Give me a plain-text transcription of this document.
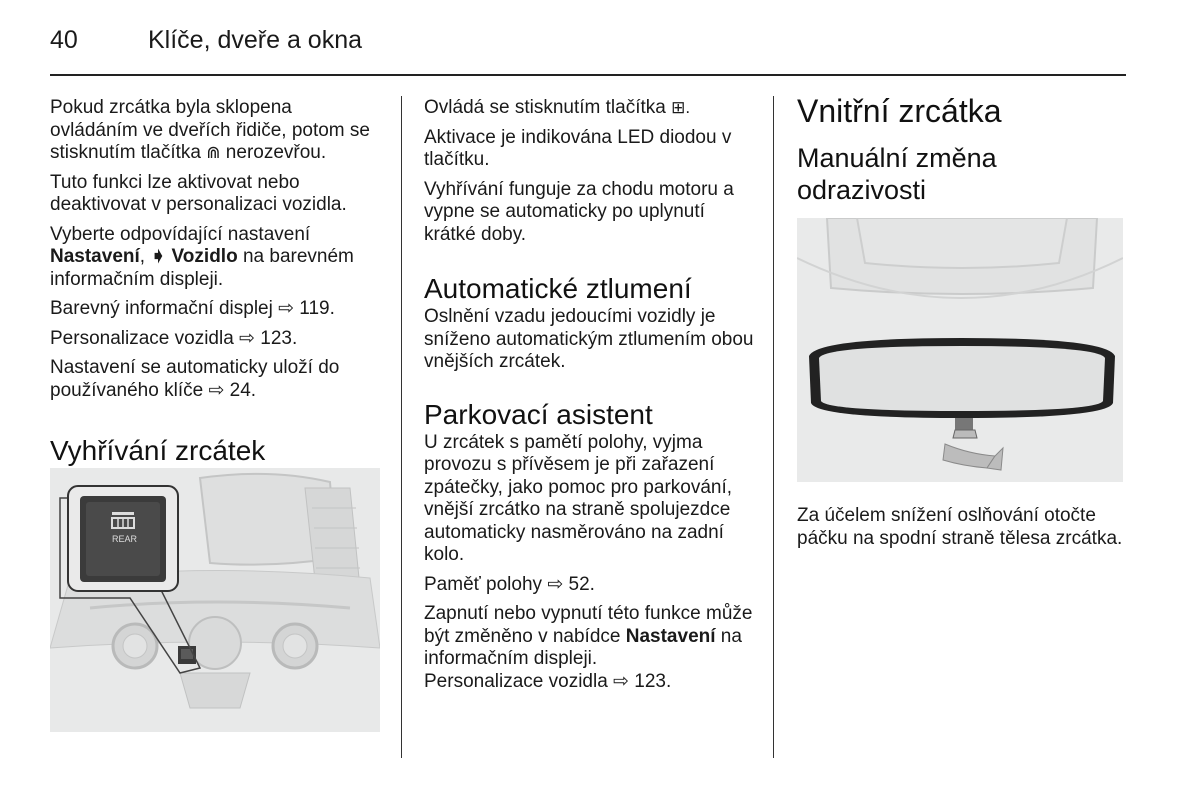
40	Klíče, dveře a okna

Pokud zrcátka byla sklopena ovládáním ve dveřích řidiče, potom se stisknutím tlačítka ⋒ nerozevřou.

Tuto funkci lze aktivovat nebo deaktivovat v personalizaci vozidla.

Vyberte odpovídající nastavení Nastavení, ➧ Vozidlo na barevném informačním displeji.

Barevný informační displej ⇨ 119.

Personalizace vozidla ⇨ 123.

Nastavení se automaticky uloží do používaného klíče ⇨ 24.

Vyhřívání zrcátek
REAR

Ovládá se stisknutím tlačítka ⊞.

Aktivace je indikována LED diodou v tlačítku.

Vyhřívání funguje za chodu motoru a vypne se automaticky po uplynutí krátké doby.

Automatické ztlumení

Oslnění vzadu jedoucími vozidly je sníženo automatickým ztlumením obou vnějších zrcátek.

Parkovací asistent

U zrcátek s pamětí polohy, vyjma provozu s přívěsem je při zařazení zpátečky, jako pomoc pro parkování, vnější zrcátko na straně spolujezdce automaticky nasměrováno na zadní kolo.

Paměť polohy ⇨ 52.

Zapnutí nebo vypnutí této funkce může být změněno v nabídce Nastavení na informačním displeji.

Personalizace vozidla ⇨ 123.

Vnitřní zrcátka
Manuální změna odrazivosti

Za účelem snížení oslňování otočte páčku na spodní straně tělesa zrcátka.
